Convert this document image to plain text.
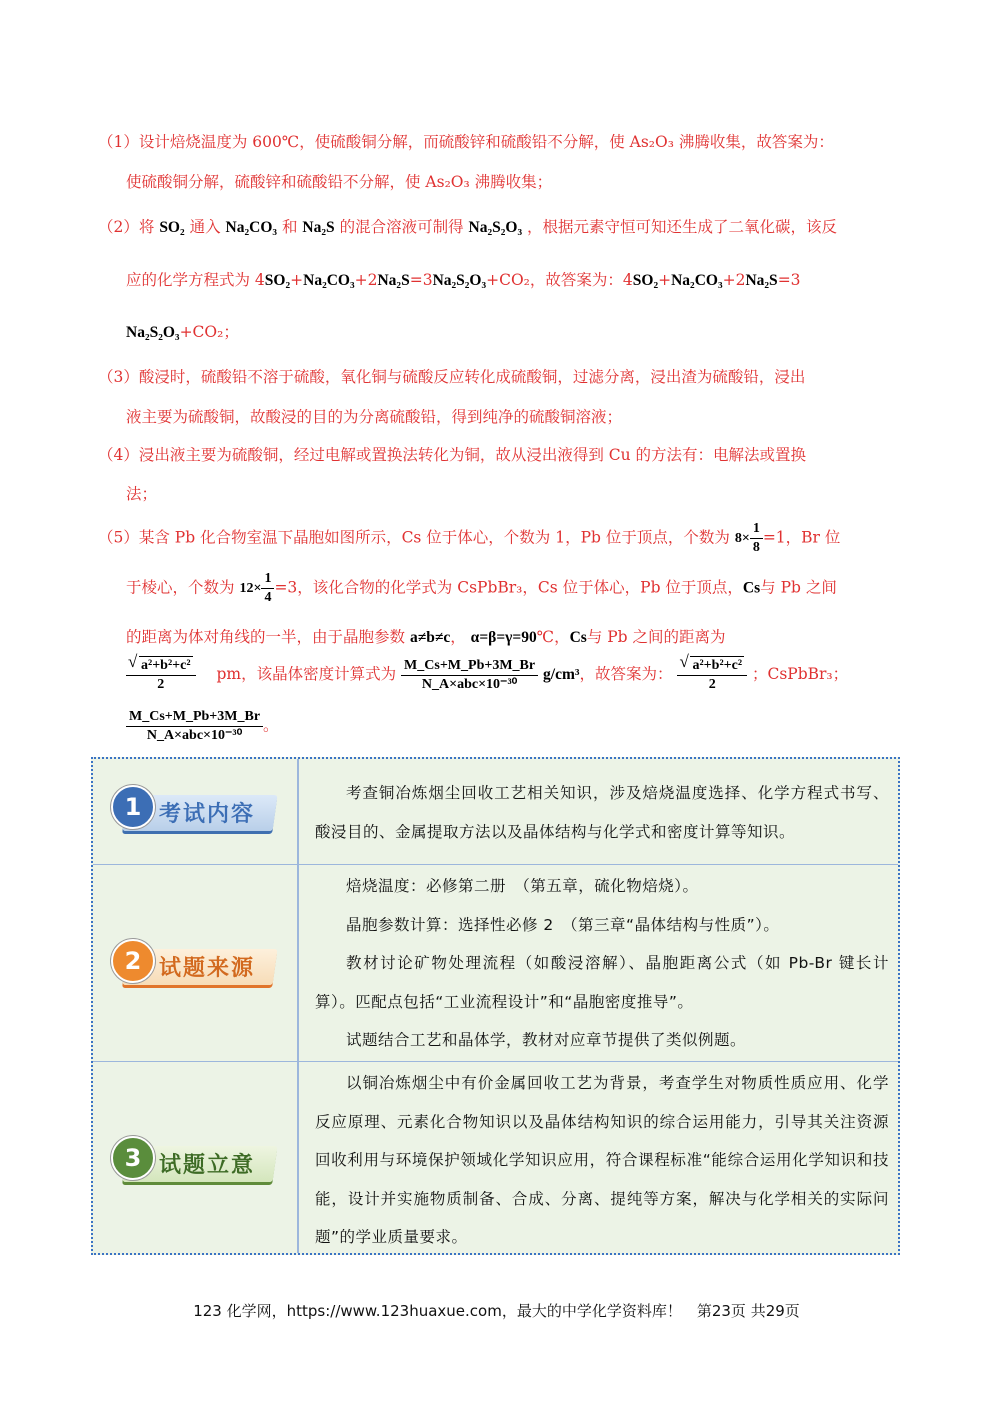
（1）设计焙烧温度为 600℃，使硫酸铜分解，而硫酸锌和硫酸铅不分解，使 As₂O₃ 沸腾收集，故答案为：
使硫酸铜分解，硫酸锌和硫酸铅不分解，使 As₂O₃ 沸腾收集；
（2）将 SO₂ 通入 Na₂CO₃ 和 Na₂S 的混合溶液可制得 Na₂S₂O₃ ，根据元素守恒可知还生成了二氧化碳，该反
应的化学方程式为 4SO₂+Na₂CO₃+2Na₂S=3Na₂S₂O₃+CO₂，故答案为：4SO₂+Na₂CO₃+2Na₂S=3
Na₂S₂O₃+CO₂；
（3）酸浸时，硫酸铅不溶于硫酸，氧化铜与硫酸反应转化成硫酸铜，过滤分离，浸出渣为硫酸铅，浸出
液主要为硫酸铜，故酸浸的目的为分离硫酸铅，得到纯净的硫酸铜溶液；
（4）浸出液主要为硫酸铜，经过电解或置换法转化为铜，故从浸出液得到 Cu 的方法有：电解法或置换
法；
（5）某含 Pb 化合物室温下晶胞如图所示，Cs 位于体心，个数为 1，Pb 位于顶点，个数为 $8\times \frac{1}{8} =1$，Br 位
于棱心，个数为 $12\times \frac{1}{4} =3$，该化合物的化学式为 CsPbBr₃，Cs 位于体心，Pb 位于顶点，Cs与 Pb 之间
的距离为体对角线的一半，由于晶胞参数 a≠b≠c， α=β=γ=90℃，Cs与 Pb 之间的距离为
√ $\frac{\text{a²+b²+c²}}{2}$ pm，该晶体密度计算式为 $\frac{M\_Cs+M\_Pb+3M\_Br}{\text{N\_A×abc×10⁻³⁰}} g/cm^3$，故答案为：
√ $\frac{\text{a²+b²+c²}}{2}$ ；CsPbBr₃；
$\frac{M\_Cs+M\_Pb+3M\_Br}{\text{N\_A×abc×10⁻³⁰}}$ 。
1 考试内容

考查铜冶炼烟尘回收工艺相关知识，涉及焙烧温度选择、化学方程式书写、酸浸目的、金属提取方法以及晶体结构与化学式和密度计算等知识。

2 试题来源

焙烧温度：必修第二册　（第五章，硫化物焙烧）。

晶胞参数计算：选择性必修 2　（第三章“晶体结构与性质”）。

教材讨论矿物处理流程（如酸浸溶解）、晶胞距离公式（如 Pb-Br 键长计算）。匹配点包括“工业流程设计”和“晶胞密度推导”。

试题结合工艺和晶体学，教材对应章节提供了类似例题。

3 试题立意

以铜冶炼烟尘中有价金属回收工艺为背景，考查学生对物质性质应用、化学反应原理、元素化合物知识以及晶体结构知识的综合运用能力，引导其关注资源回收利用与环境保护领域化学知识应用，符合课程标准“能综合运用化学知识和技能，设计并实施物质制备、合成、分离、提纯等方案，解决与化学相关的实际问题”的学业质量要求。

123 化学网，https://www.123huaxue.com，最大的中学化学资料库！　第23页 共29页
